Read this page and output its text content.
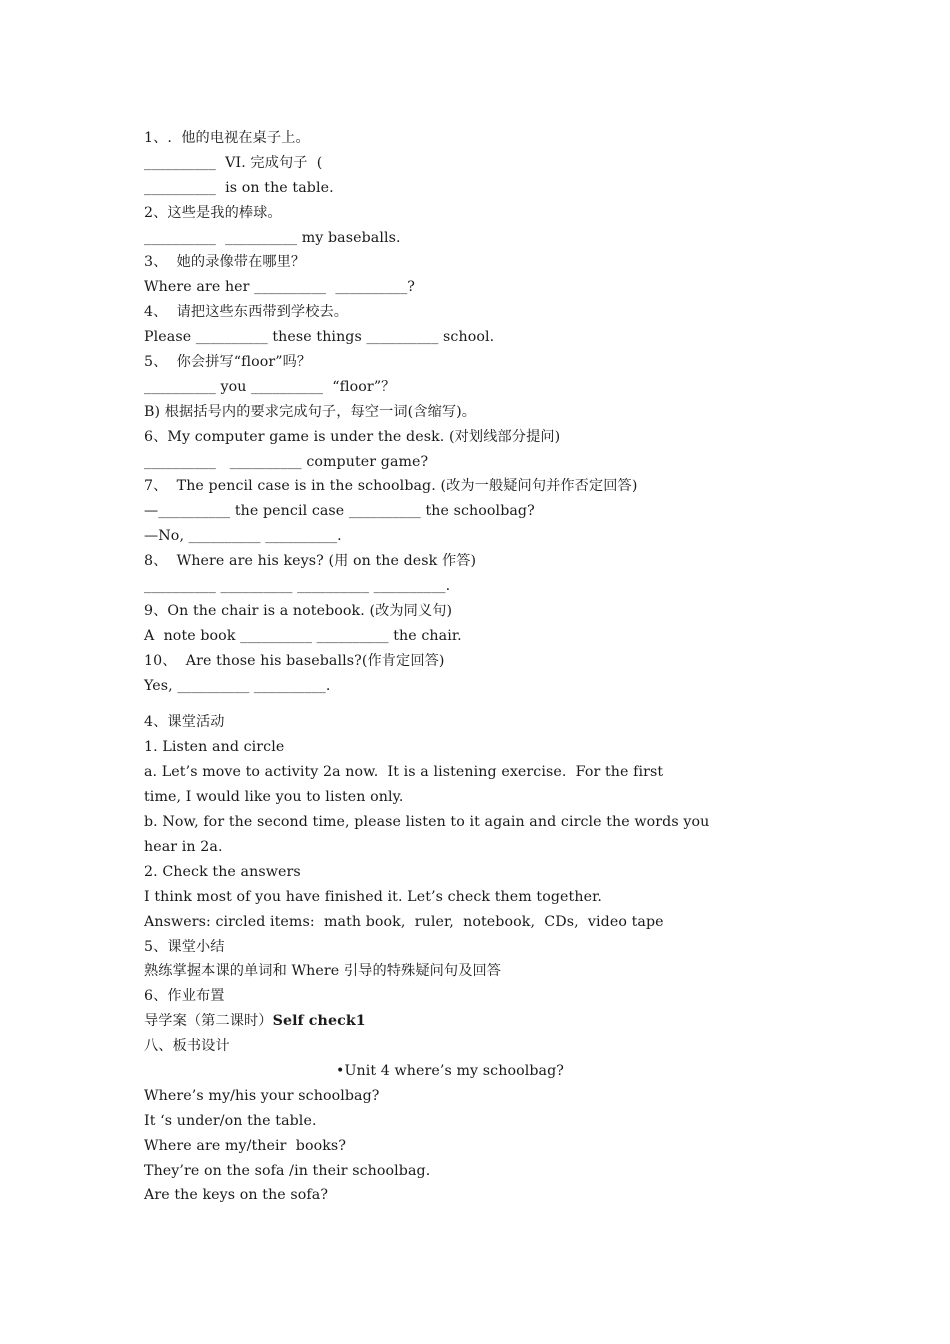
1、.  他的电视在桌子上。
__________  VI. 完成句子  (
__________  is on the table.
2、这些是我的棒球。
__________  __________ my baseballs.
3、  她的录像带在哪里？
Where are her __________  __________?
4、  请把这些东西带到学校去。
Please __________ these things __________ school.
5、  你会拼写“floor”吗？
__________ you __________  “floor”？
B) 根据括号内的要求完成句子，每空一词(含缩写)。
6、My computer game is under the desk. (对划线部分提问)
__________   __________ computer game?
7、  The pencil case is in the schoolbag. (改为一般疑问句并作否定回答)
—__________ the pencil case __________ the schoolbag?
—No, __________ __________.
8、  Where are his keys? (用 on the desk 作答)
__________ __________ __________ __________.
9、On the chair is a notebook. (改为同义句)
A  note book __________ __________ the chair.
10、  Are those his baseballs?(作肯定回答)
Yes, __________ __________.
4、课堂活动
1. Listen and circle
a. Let’s move to activity 2a now.  It is a listening exercise.  For the first
time, I would like you to listen only.
b. Now, for the second time, please listen to it again and circle the words you
hear in 2a.
2. Check the answers
I think most of you have finished it. Let’s check them together.
Answers: circled items:  math book,  ruler,  notebook,  CDs,  video tape
5、课堂小结
熟练掌握本课的单词和 Where 引导的特殊疑问句及回答
6、作业布置
导学案（第二课时）Self check1
八、板书设计
•Unit 4 where’s my schoolbag?
Where’s my/his your schoolbag?
It ‘s under/on the table.
Where are my/their  books?
They’re on the sofa /in their schoolbag.
Are the keys on the sofa?
